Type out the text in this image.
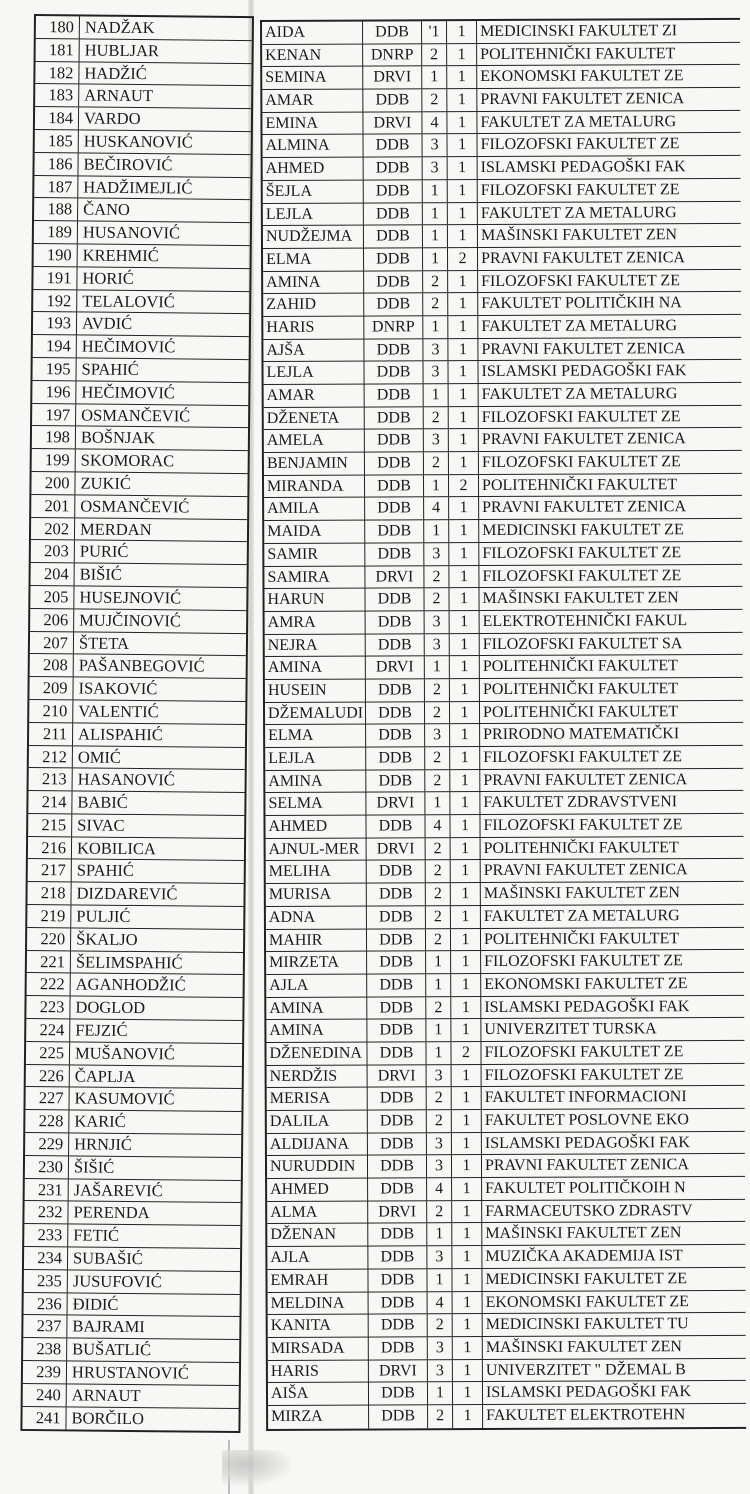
180 NADŽAK
181 HUBLJAR
182 HADŽIĆ
183 ARNAUT
184 VARDO
185 HUSKANOVIĆ
186 BEČIROVIĆ
187 HADŽIMEJLIĆ
188 ČANO
189 HUSANOVIĆ
190 KREHMIĆ
191 HORIĆ
192 TELALOVIĆ
193 AVDIĆ
194 HEČIMOVIĆ
195 SPAHIĆ
196 HEČIMOVIĆ
197 OSMANČEVIĆ
198 BOŠNJAK
199 SKOMORAC
200 ZUKIĆ
201 OSMANČEVIĆ
202 MERDAN
203 PURIĆ
204 BIŠIĆ
205 HUSEJNOVIĆ
206 MUJČINOVIĆ
207 ŠTETA
208 PAŠANBEGOVIĆ
209 ISAKOVIĆ
210 VALENTIĆ
211 ALISPAHIĆ
212 OMIĆ
213 HASANOVIĆ
214 BABIĆ
215 SIVAC
216 KOBILICA
217 SPAHIĆ
218 DIZDAREVIĆ
219 PULJIĆ
220 ŠKALJO
221 ŠELIMSPAHIĆ
222 AGANHODŽIĆ
223 DOGLOD
224 FEJZIĆ
225 MUŠANOVIĆ
226 ČAPLJA
227 KASUMOVIĆ
228 KARIĆ
229 HRNJIĆ
230 ŠIŠIĆ
231 JAŠAREVIĆ
232 PERENDA
233 FETIĆ
234 SUBAŠIĆ
235 JUSUFOVIĆ
236 ĐIDIĆ
237 BAJRAMI
238 BUŠATLIĆ
239 HRUSTANOVIĆ
240 ARNAUT
241 BORČILO
AIDA	DDB	'1	1 MEDICINSKI FAKULTET ZI
KENAN	DNRP	2	1 POLITEHNIČKI FAKULTET
SEMINA	DRVI	1	1 EKONOMSKI FAKULTET ZE
AMAR	DDB	2	1 PRAVNI FAKULTET ZENICA
EMINA	DRVI	4	1 FAKULTET ZA METALURG
ALMINA	DDB	3	1 FILOZOFSKI FAKULTET ZE
AHMED	DDB	3	1 ISLAMSKI PEDAGOŠKI FAK
ŠEJLA	DDB	1	1 FILOZOFSKI FAKULTET ZE
LEJLA	DDB	1	1 FAKULTET ZA METALURG
NUDŽEJMA	DDB	1	1 MAŠINSKI FAKULTET ZEN
ELMA	DDB	1	2 PRAVNI FAKULTET ZENICA
AMINA	DDB	2	1 FILOZOFSKI FAKULTET ZE
ZAHID	DDB	2	1 FAKULTET POLITIČKIH NA
HARIS	DNRP	1	1 FAKULTET ZA METALURG
AJŠA	DDB	3	1 PRAVNI FAKULTET ZENICA
LEJLA	DDB	3	1 ISLAMSKI PEDAGOŠKI FAK
AMAR	DDB	1	1 FAKULTET ZA METALURG
DŽENETA	DDB	2	1 FILOZOFSKI FAKULTET ZE
AMELA	DDB	3	1 PRAVNI FAKULTET ZENICA
BENJAMIN	DDB	2	1 FILOZOFSKI FAKULTET ZE
MIRANDA	DDB	1	2 POLITEHNIČKI FAKULTET
AMILA	DDB	4	1 PRAVNI FAKULTET ZENICA
MAIDA	DDB	1	1 MEDICINSKI FAKULTET ZE
SAMIR	DDB	3	1 FILOZOFSKI FAKULTET ZE
SAMIRA	DRVI	2	1 FILOZOFSKI FAKULTET ZE
HARUN	DDB	2	1 MAŠINSKI FAKULTET ZEN
AMRA	DDB	3	1 ELEKTROTEHNIČKI FAKUL
NEJRA	DDB	3	1 FILOZOFSKI FAKULTET SA
AMINA	DRVI	1	1 POLITEHNIČKI FAKULTET
HUSEIN	DDB	2	1 POLITEHNIČKI FAKULTET
DŽEMALUDI DDB	2	1 POLITEHNIČKI FAKULTET
ELMA	DDB	3	1 PRIRODNO MATEMATIČKI
LEJLA	DDB	2	1 FILOZOFSKI FAKULTET ZE
AMINA	DDB	2	1 PRAVNI FAKULTET ZENICA
SELMA	DRVI	1	1 FAKULTET ZDRAVSTVENI
AHMED	DDB	4	1 FILOZOFSKI FAKULTET ZE
AJNUL-MER	DRVI	2	1 POLITEHNIČKI FAKULTET
MELIHA	DDB	2	1 PRAVNI FAKULTET ZENICA
MURISA	DDB	2	1 MAŠINSKI FAKULTET ZEN
ADNA	DDB	2	1 FAKULTET ZA METALURG
MAHIR	DDB	2	1 POLITEHNIČKI FAKULTET
MIRZETA	DDB	1	1 FILOZOFSKI FAKULTET ZE
AJLA	DDB	1	1 EKONOMSKI FAKULTET ZE
AMINA	DDB	2	1 ISLAMSKI PEDAGOŠKI FAK
AMINA	DDB	1	1 UNIVERZITET TURSKA
DŽENEDINA	DDB	1	2 FILOZOFSKI FAKULTET ZE
NERDŽIS	DRVI	3	1 FILOZOFSKI FAKULTET ZE
MERISA	DDB	2	1 FAKULTET INFORMACIONI
DALILA	DDB	2	1 FAKULTET POSLOVNE EKO
ALDIJANA	DDB	3	1 ISLAMSKI PEDAGOŠKI FAK
NURUDDIN	DDB	3	1 PRAVNI FAKULTET ZENICA
AHMED	DDB	4	1 FAKULTET POLITIČKOIH N
ALMA	DRVI	2	1 FARMACEUTSKO ZDRASTV
DŽENAN	DDB	1	1 MAŠINSKI FAKULTET ZEN
AJLA	DDB	3	1 MUZIČKA AKADEMIJA IST
EMRAH	DDB	1	1 MEDICINSKI FAKULTET ZE
MELDINA	DDB	4	1 EKONOMSKI FAKULTET ZE
KANITA	DDB	2	1 MEDICINSKI FAKULTET TU
MIRSADA	DDB	3	1 MAŠINSKI FAKULTET ZEN
HARIS	DRVI	3	1 UNIVERZITET " DŽEMAL B
AIŠA	DDB	1	1 ISLAMSKI PEDAGOŠKI FAK
MIRZA	DDB	2	1 FAKULTET ELEKTROTEHN
